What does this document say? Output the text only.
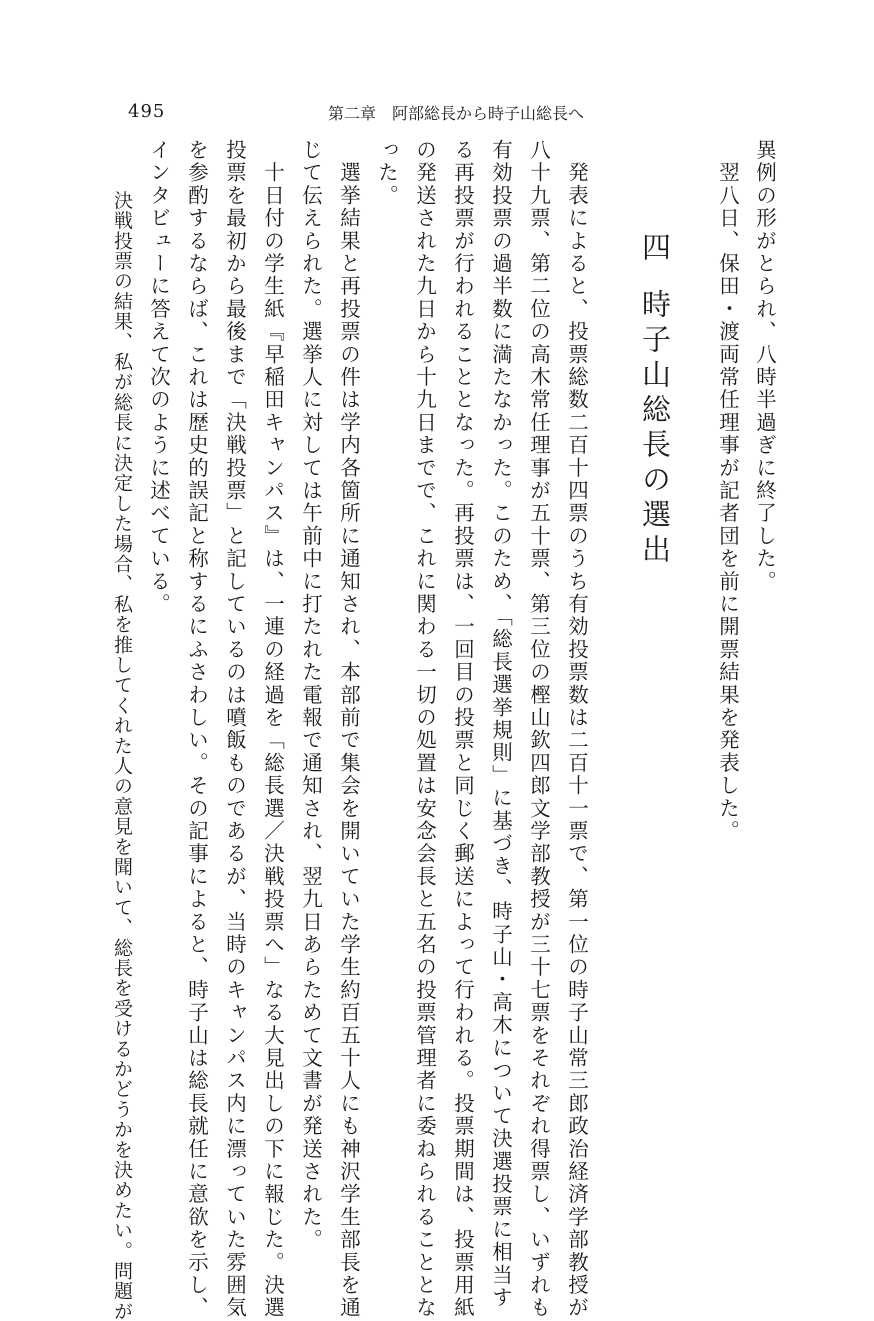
495	第二章 阿部総長から時子山総長へ
異例の形がとられ、八時半過ぎに終了した。
　翌八日、保田・渡両常任理事が記者団を前に開票結果を発表した。
四時子山総長の選出
　発表によると、投票総数二百十四票のうち有効投票数は二百十一票で、第一位の時子山常三郎政治経済学部教授が
八十九票、第二位の高木常任理事が五十票、第三位の樫山欽四郎文学部教授が三十七票をそれぞれ得票し、いずれも
有効投票の過半数に満たなかった。このため、「総長選挙規則」に基づき、時子山・高木について決選投票に相当す
る再投票が行われることとなった。再投票は、一回目の投票と同じく郵送によって行われる。投票期間は、投票用紙
の発送された九日から十九日までで、これに関わる一切の処置は安念会長と五名の投票管理者に委ねられることとな
った。
　選挙結果と再投票の件は学内各箇所に通知され、本部前で集会を開いていた学生約百五十人にも神沢学生部長を通
じて伝えられた。選挙人に対しては午前中に打たれた電報で通知され、翌九日あらためて文書が発送された。
　十日付の学生紙『早稲田キャンパス』は、一連の経過を「総長選／決戦投票へ」なる大見出しの下に報じた。決選
投票を最初から最後まで「決戦投票」と記しているのは噴飯ものであるが、当時のキャンパス内に漂っていた雰囲気
を参酌するならば、これは歴史的誤記と称するにふさわしい。その記事によると、時子山は総長就任に意欲を示し、
インタビューに答えて次のように述べている。
　決戦投票の結果、私が総長に決定した場合、私を推してくれた人の意見を聞いて、総長を受けるかどうかを決めたい。問題が
